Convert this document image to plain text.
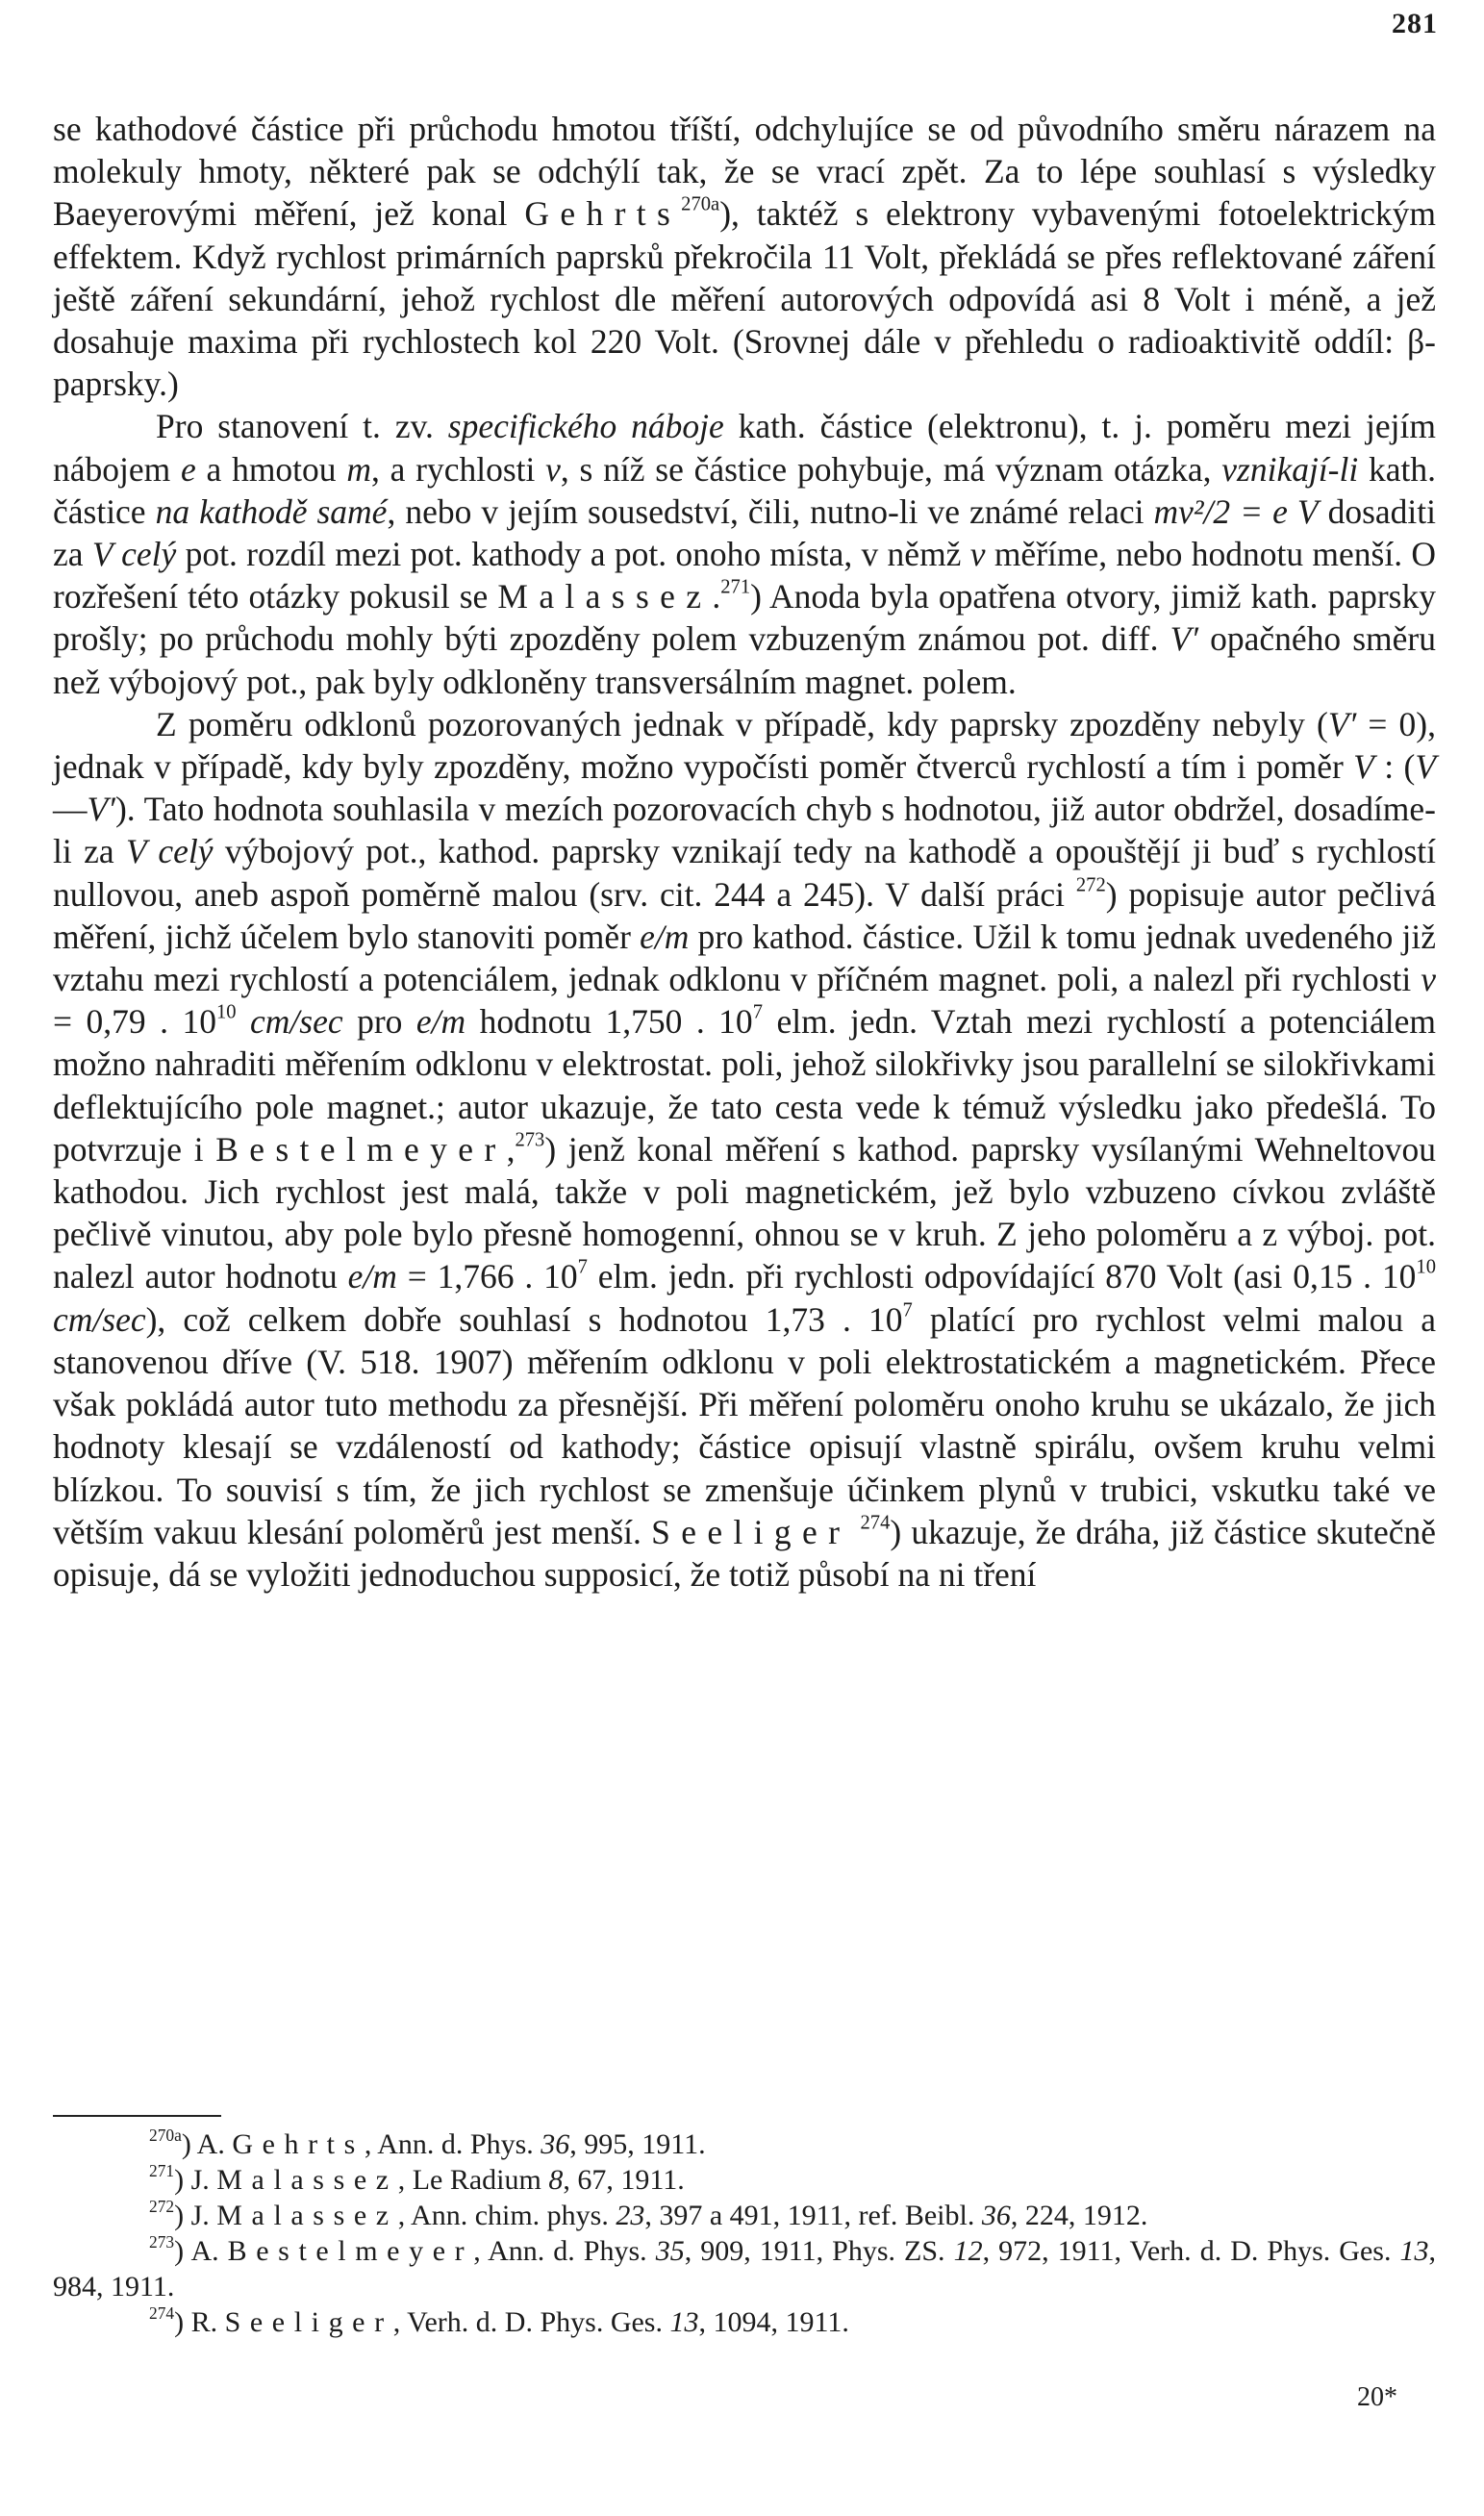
281

se kathodové částice při průchodu hmotou tříští, odchylujíce se od původního směru nárazem na molekuly hmoty, některé pak se odchýlí tak, že se vrací zpět. Za to lépe souhlasí s výsledky Baeyerovými měření, jež konal Gehrts$^{270a}$), taktéž s elektrony vybavenými fotoelektrickým effektem. Když rychlost primárních paprsků překročila 11 Volt, překládá se přes reflektované záření ještě záření sekundární, jehož rychlost dle měření autorových odpovídá asi 8 Volt i méně, a jež dosahuje maxima při rychlostech kol 220 Volt. (Srovnej dále v přehledu o radioaktivitě oddíl: β-paprsky.)

Pro stanovení t. zv. specifického náboje kath. částice (elektronu), t. j. poměru mezi jejím nábojem e a hmotou m, a rychlosti v, s níž se částice pohybuje, má význam otázka, vznikají-li kath. částice na kathodě samé, nebo v jejím sousedství, čili, nutno-li ve známé relaci mv²/2 = e V dosaditi za V celý pot. rozdíl mezi pot. kathody a pot. onoho místa, v němž v měříme, nebo hodnotu menší. O rozřešení této otázky pokusil se Malassez.$^{271}$) Anoda byla opatřena otvory, jimiž kath. paprsky prošly; po průchodu mohly býti zpozděny polem vzbuzeným známou pot. diff. V′ opačného směru než výbojový pot., pak byly odkloněny transversálním magnet. polem.

Z poměru odklonů pozorovaných jednak v případě, kdy paprsky zpozděny nebyly (V′ = 0), jednak v případě, kdy byly zpozděny, možno vypočísti poměr čtverců rychlostí a tím i poměr V : (V—V′). Tato hodnota souhlasila v mezích pozorovacích chyb s hodnotou, již autor obdržel, dosadíme-li za V celý výbojový pot., kathod. paprsky vznikají tedy na kathodě a opouštějí ji buď s rychlostí nullovou, aneb aspoň poměrně malou (srv. cit. 244 a 245). V další práci $^{272}$) popisuje autor pečlivá měření, jichž účelem bylo stanoviti poměr e/m pro kathod. částice. Užil k tomu jednak uvedeného již vztahu mezi rychlostí a potenciálem, jednak odklonu v příčném magnet. poli, a nalezl při rychlosti v = 0,79 . $10^{10}$ cm/sec pro e/m hodnotu 1,750 . $10^7$ elm. jedn. Vztah mezi rychlostí a potenciálem možno nahraditi měřením odklonu v elektrostat. poli, jehož silokřivky jsou parallelní se silokřivkami deflektujícího pole magnet.; autor ukazuje, že tato cesta vede k témuž výsledku jako předešlá. To potvrzuje i Bestelmeyer,$^{273}$) jenž konal měření s kathod. paprsky vysílanými Wehneltovou kathodou. Jich rychlost jest malá, takže v poli magnetickém, jež bylo vzbuzeno cívkou zvláště pečlivě vinutou, aby pole bylo přesně homogenní, ohnou se v kruh. Z jeho poloměru a z výboj. pot. nalezl autor hodnotu e/m = 1,766 . $10^7$ elm. jedn. při rychlosti odpovídající 870 Volt (asi 0,15 . $10^{10}$ cm/sec), což celkem dobře souhlasí s hodnotou 1,73 . $10^7$ platící pro rychlost velmi malou a stanovenou dříve (V. 518. 1907) měřením odklonu v poli elektrostatickém a magnetickém. Přece však pokládá autor tuto methodu za přesnější. Při měření poloměru onoho kruhu se ukázalo, že jich hodnoty klesají se vzdáleností od kathody; částice opisují vlastně spirálu, ovšem kruhu velmi blízkou. To souvisí s tím, že jich rychlost se zmenšuje účinkem plynů v trubici, vskutku také ve větším vakuu klesání poloměrů jest menší. Seeliger $^{274}$) ukazuje, že dráha, již částice skutečně opisuje, dá se vyložiti jednoduchou supposicí, že totiž působí na ni tření

$^{270a}$) A. Gehrts, Ann. d. Phys. 36, 995, 1911.

$^{271}$) J. Malassez, Le Radium 8, 67, 1911.

$^{272}$) J. Malassez, Ann. chim. phys. 23, 397 a 491, 1911, ref. Beibl. 36, 224, 1912.

$^{273}$) A. Bestelmeyer, Ann. d. Phys. 35, 909, 1911, Phys. ZS. 12, 972, 1911, Verh. d. D. Phys. Ges. 13, 984, 1911.

$^{274}$) R. Seeliger, Verh. d. D. Phys. Ges. 13, 1094, 1911.

20*
